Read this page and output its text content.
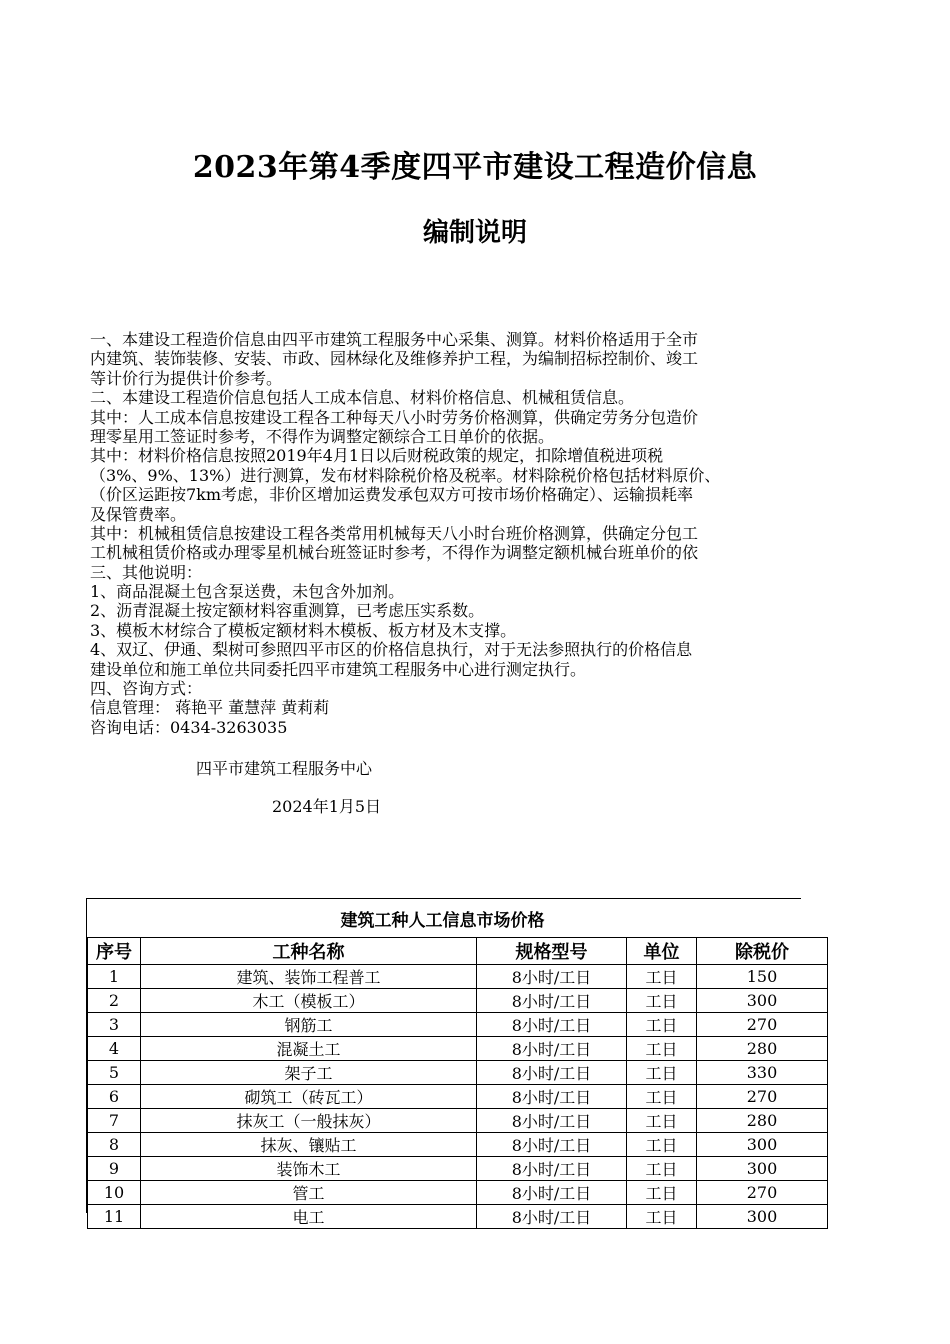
2023年第4季度四平市建设工程造价信息
编制说明
一、本建设工程造价信息由四平市建筑工程服务中心采集、测算。材料价格适用于全市
内建筑、装饰装修、安装、市政、园林绿化及维修养护工程，为编制招标控制价、竣工
等计价行为提供计价参考。
二、本建设工程造价信息包括人工成本信息、材料价格信息、机械租赁信息。
其中：人工成本信息按建设工程各工种每天八小时劳务价格测算，供确定劳务分包造价
理零星用工签证时参考，不得作为调整定额综合工日单价的依据。
其中：材料价格信息按照2019年4月1日以后财税政策的规定，扣除增值税进项税
（3%、9%、13%）进行测算，发布材料除税价格及税率。材料除税价格包括材料原价、
（价区运距按7km考虑，非价区增加运费发承包双方可按市场价格确定）、运输损耗率
及保管费率。
其中：机械租赁信息按建设工程各类常用机械每天八小时台班价格测算，供确定分包工
工机械租赁价格或办理零星机械台班签证时参考，不得作为调整定额机械台班单价的依
三、其他说明：
1、商品混凝土包含泵送费，未包含外加剂。
2、沥青混凝土按定额材料容重测算，已考虑压实系数。
3、模板木材综合了模板定额材料木模板、板方材及木支撑。
4、双辽、伊通、梨树可参照四平市区的价格信息执行，对于无法参照执行的价格信息
建设单位和施工单位共同委托四平市建筑工程服务中心进行测定执行。
四、咨询方式：
信息管理： 蒋艳平 董慧萍 黄莉莉
咨询电话：0434-3263035
四平市建筑工程服务中心
2024年1月5日
建筑工种人工信息市场价格				
序号	工种名称	规格型号	单位	除税价
1	建筑、装饰工程普工	8小时/工日	工日	150
2	木工（模板工）	8小时/工日	工日	300
3	钢筋工	8小时/工日	工日	270
4	混凝土工	8小时/工日	工日	280
5	架子工	8小时/工日	工日	330
6	砌筑工（砖瓦工）	8小时/工日	工日	270
7	抹灰工（一般抹灰）	8小时/工日	工日	280
8	抹灰、镶贴工	8小时/工日	工日	300
9	装饰木工	8小时/工日	工日	300
10	管工	8小时/工日	工日	270
11	电工	8小时/工日	工日	300
